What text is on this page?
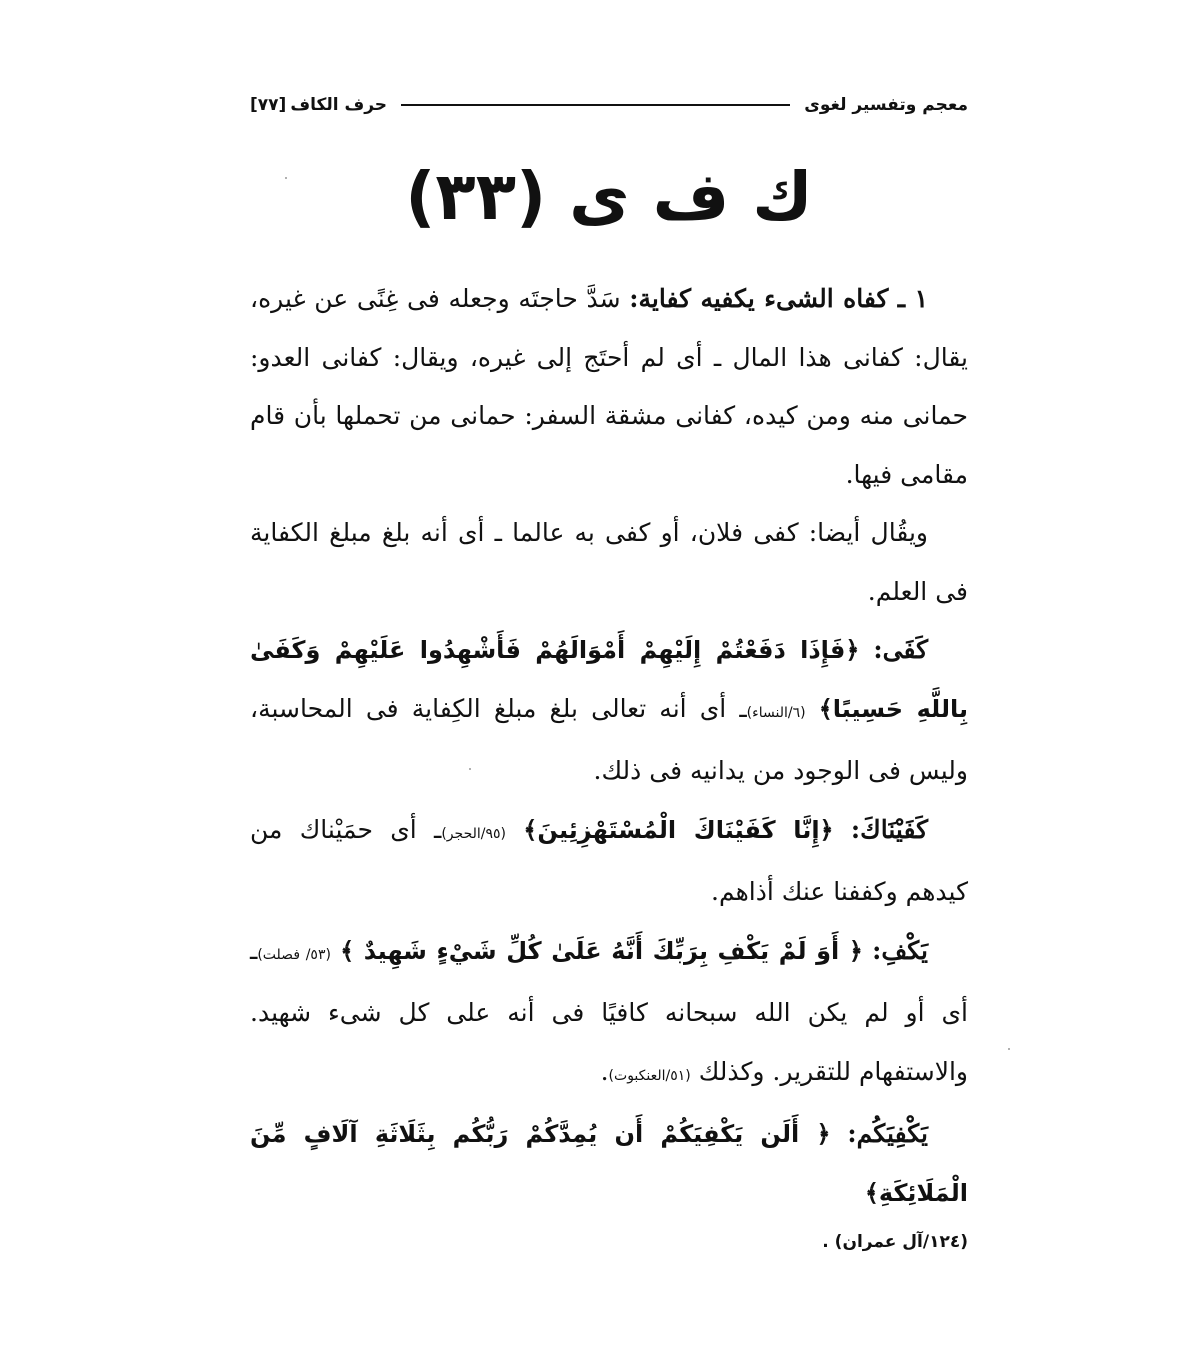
معجم وتفسير لغوى
حرف الكاف
[٧٧]
ك ف ى (٣٣)

١ ـ كفاه الشىء يكفيه كفاية: سَدَّ حاجتَه وجعله فى غِنًى عن غيره، يقال: كفانى هذا المال ـ أى لم أحتَج إلى غيره، ويقال: كفانى العدو: حمانى منه ومن كيده، كفانى مشقة السفر: حمانى من تحملها بأن قام مقامى فيها.

ويقُال أيضا: كفى فلان، أو كفى به عالما ـ أى أنه بلغ مبلغ الكفاية فى العلم.

كَفَى: ﴿فَإِذَا دَفَعْتُمْ إِلَيْهِمْ أَمْوَالَهُمْ فَأَشْهِدُوا عَلَيْهِمْ وَكَفَىٰ بِاللَّهِ حَسِيبًا﴾ (٦/النساء)ـ أى أنه تعالى بلغ مبلغ الكِفاية فى المحاسبة، وليس فى الوجود من يدانيه فى ذلك.

كَفَيْنَاكَ: ﴿إِنَّا كَفَيْنَاكَ الْمُسْتَهْزِئِينَ﴾ (٩٥/الحجر)ـ أى حمَيْناك من كيدهم وكففنا عنك أذاهم.

يَكْفِ: ﴿ أَوَ لَمْ يَكْفِ بِرَبِّكَ أَنَّهُ عَلَىٰ كُلِّ شَيْءٍ شَهِيدٌ ﴾ (٥٣/ فصلت)ـ أى أو لم يكن الله سبحانه كافيًا فى أنه على كل شىء شهيد. والاستفهام للتقرير. وكذلك (٥١/العنكبوت).

يَكْفِيَكُم: ﴿ أَلَن يَكْفِيَكُمْ أَن يُمِدَّكُمْ رَبُّكُم بِثَلَاثَةِ آلَافٍ مِّنَ الْمَلَائِكَةِ﴾

(١٢٤/آل عمران) .
